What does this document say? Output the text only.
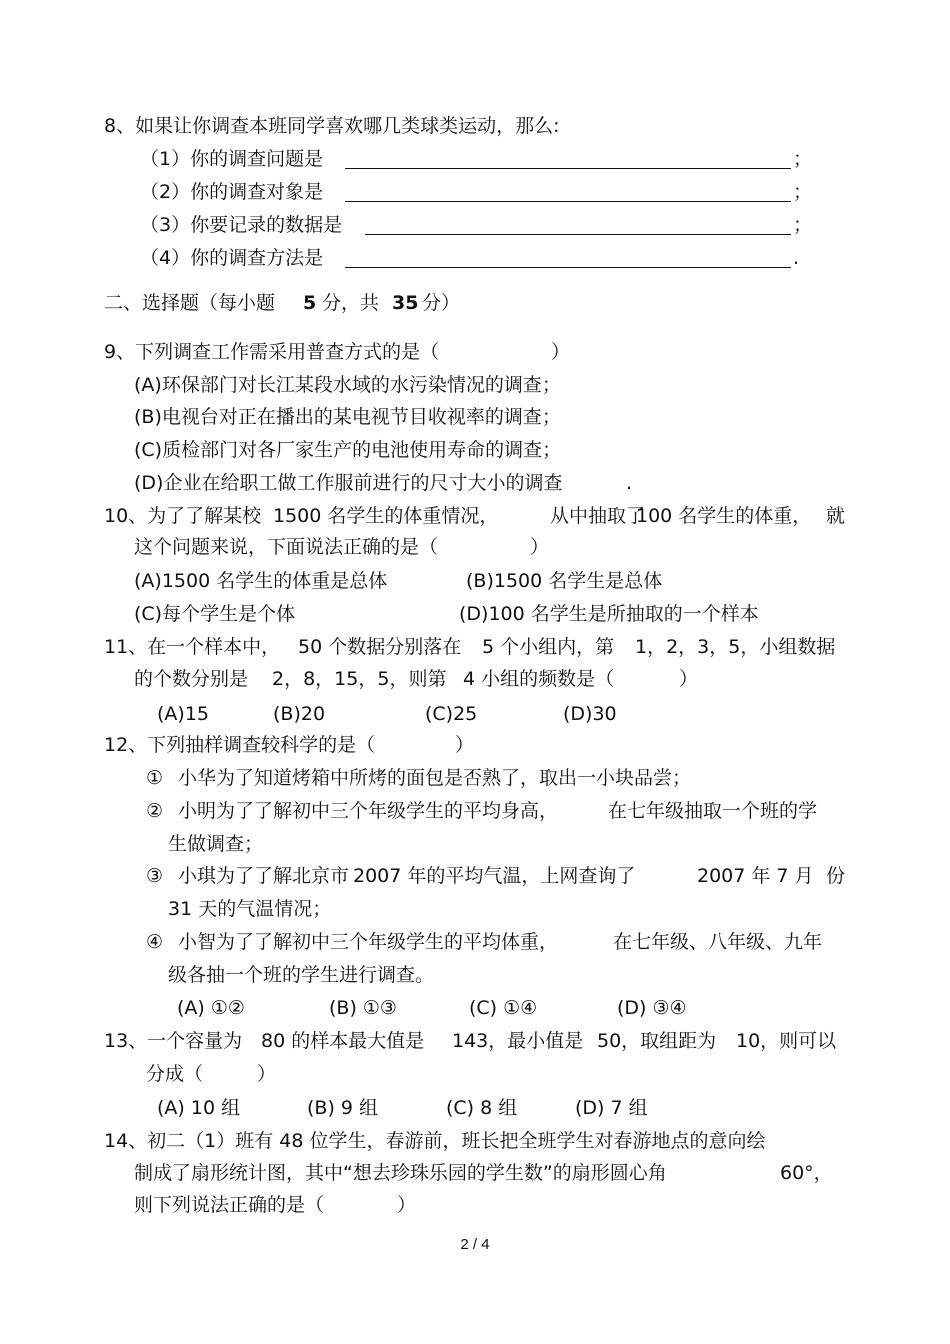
8、如果让你调查本班同学喜欢哪几类球类运动，那么:
（1）你的调查问题是	；
（2）你的调查对象是	；
（3）你要记录的数据是	；
（4）你的调查方法是	.
二、选择题（每小题 5 分，共 35 分）
9、下列调查工作需采用普查方式的是（	）
(A)环保部门对长江某段水域的水污染情况的调查；
(B)电视台对正在播出的某电视节目收视率的调查；
(C)质检部门对各厂家生产的电池使用寿命的调查；
(D)企业在给职工做工作服前进行的尺寸大小的调查	.
10、为了了解某校 1500 名学生的体重情况，	从中抽取了
100 名学生的体重， 就
这个问题来说，下面说法正确的是（	）
(A)1500 名学生的体重是总体	(B)1500 名学生是总体
(C)每个学生是个体	(D)100 名学生是所抽取的一个样本
11、在一个样本中， 50 个数据分别落在 5 个小组内，第 1，2，3，5，小组数据
的个数分别是 2，8，15，5，则第 4 小组的频数是（	）
(A)15	(B)20	(C)25	(D)30
12、下列抽样调查较科学的是（	）
① 小华为了知道烤箱中所烤的面包是否熟了，取出一小块品尝；
② 小明为了了解初中三个年级学生的平均身高，	在七年级抽取一个班的学
生做调查；
③ 小琪为了了解北京市 2007 年的平均气温，上网查询了	2007 年 7 月 份
31 天的气温情况；
④ 小智为了了解初中三个年级学生的平均体重，	在七年级、八年级、九年
级各抽一个班的学生进行调查。
(A) ①②	(B) ①③	(C) ①④	(D) ③④
13、一个容量为 80 的样本最大值是 143，最小值是 50，取组距为 10，则可以
分成（	）
(A) 10 组	(B) 9 组	(C) 8 组	(D) 7 组
14、初二（1）班有 48 位学生，春游前，班长把全班学生对春游地点的意向绘
制成了扇形统计图，其中“想去珍珠乐园的学生数”的扇形圆心角	60°，
则下列说法正确的是（	）
2 / 4
